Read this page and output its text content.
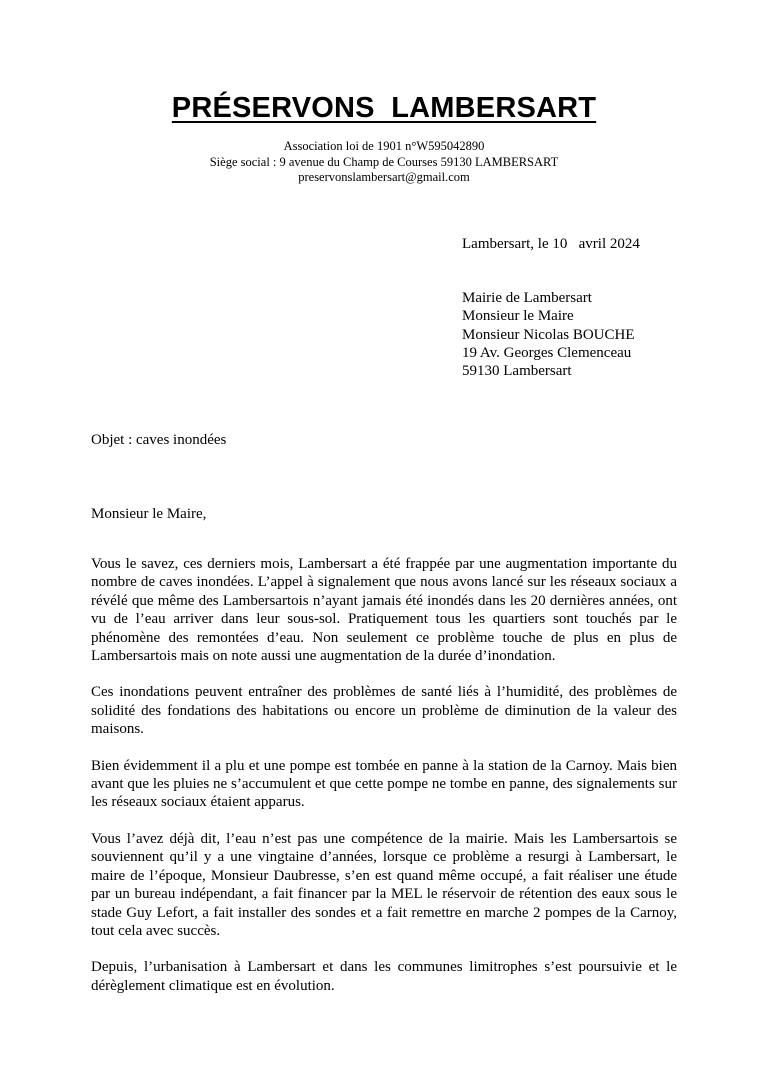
PRÉSERVONS  LAMBERSART
Association loi de 1901 n°W595042890
Siège social : 9 avenue du Champ de Courses 59130 LAMBERSART
preservonslambersart@gmail.com
Lambersart, le 10   avril 2024
Mairie de Lambersart
Monsieur le Maire
Monsieur Nicolas BOUCHE
19 Av. Georges Clemenceau
59130 Lambersart
Objet : caves inondées
Monsieur le Maire,

Vous le savez, ces derniers mois, Lambersart a été frappée par une augmentation importante du nombre de caves inondées. L’appel à signalement que nous avons lancé sur les réseaux sociaux a révélé que même des Lambersartois n’ayant jamais été inondés dans les 20 dernières années, ont vu de l’eau arriver dans leur sous-sol. Pratiquement tous les quartiers sont touchés par le phénomène des remontées d’eau. Non seulement ce problème touche de plus en plus de Lambersartois mais on note aussi une augmentation de la durée d’inondation.

Ces inondations peuvent entraîner des problèmes de santé liés à l’humidité, des problèmes de solidité des fondations des habitations ou encore un problème de diminution de la valeur des maisons.

Bien évidemment il a plu et une pompe est tombée en panne à la station de la Carnoy. Mais bien avant que les pluies ne s’accumulent et que cette pompe ne tombe en panne, des signalements sur les réseaux sociaux étaient apparus.

Vous l’avez déjà dit, l’eau n’est pas une compétence de la mairie. Mais les Lambersartois se souviennent qu’il y a une vingtaine d’années, lorsque ce problème a resurgi à Lambersart, le maire de l’époque, Monsieur Daubresse, s’en est quand même occupé, a fait réaliser une étude par un bureau indépendant, a fait financer par la MEL le réservoir de rétention des eaux sous le stade Guy Lefort, a fait installer des sondes et a fait remettre en marche 2 pompes de la Carnoy, tout cela avec succès.

Depuis, l’urbanisation à Lambersart et dans les communes limitrophes s’est poursuivie et le dérèglement climatique est en évolution.
